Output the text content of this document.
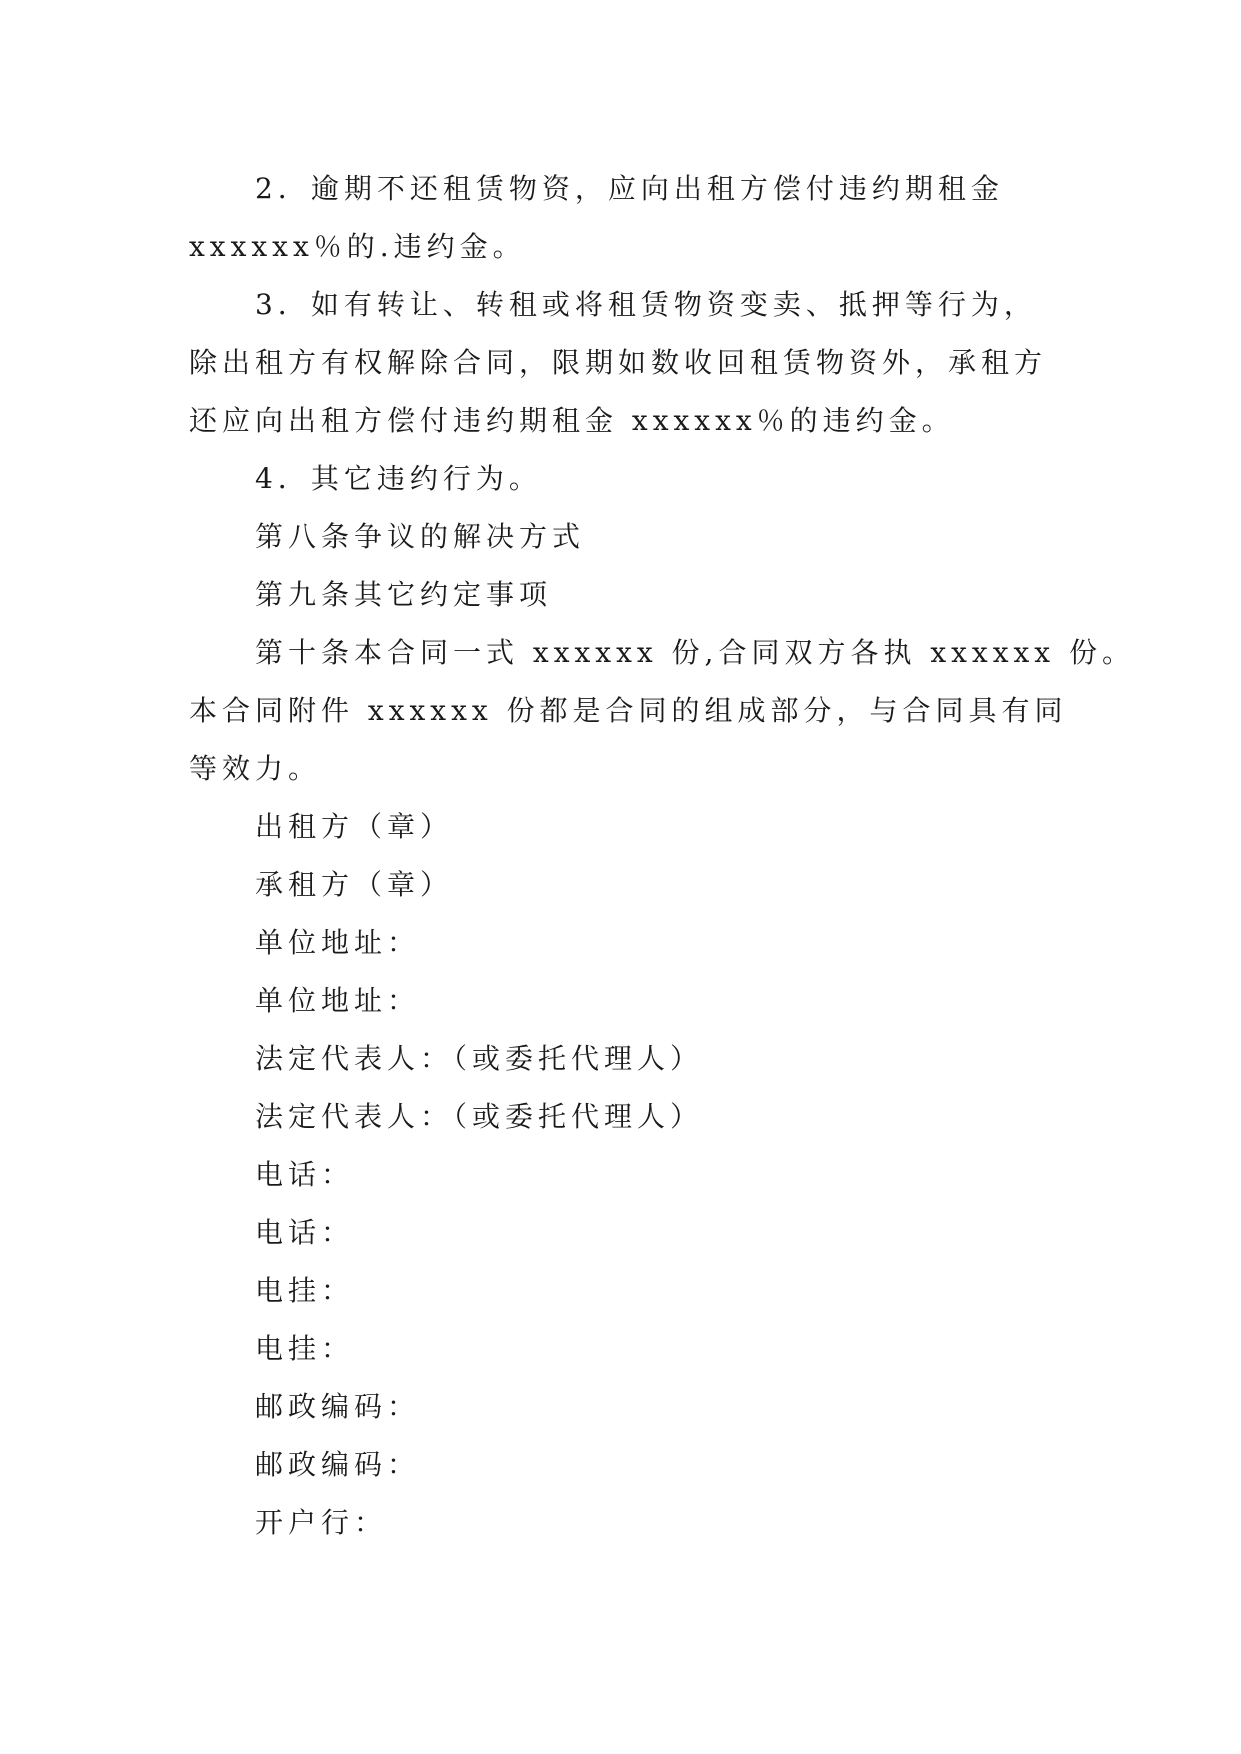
2．逾期不还租赁物资，应向出租方偿付违约期租金

xxxxxx％的.违约金。

3．如有转让、转租或将租赁物资变卖、抵押等行为，

除出租方有权解除合同，限期如数收回租赁物资外，承租方

还应向出租方偿付违约期租金 xxxxxx％的违约金。

4．其它违约行为。

第八条争议的解决方式

第九条其它约定事项

第十条本合同一式 xxxxxx 份,合同双方各执 xxxxxx 份。

本合同附件 xxxxxx 份都是合同的组成部分，与合同具有同

等效力。

出租方（章）

承租方（章）

单位地址：

单位地址：

法定代表人：（或委托代理人）

法定代表人：（或委托代理人）

电话：

电话：

电挂：

电挂：

邮政编码：

邮政编码：

开户行：
